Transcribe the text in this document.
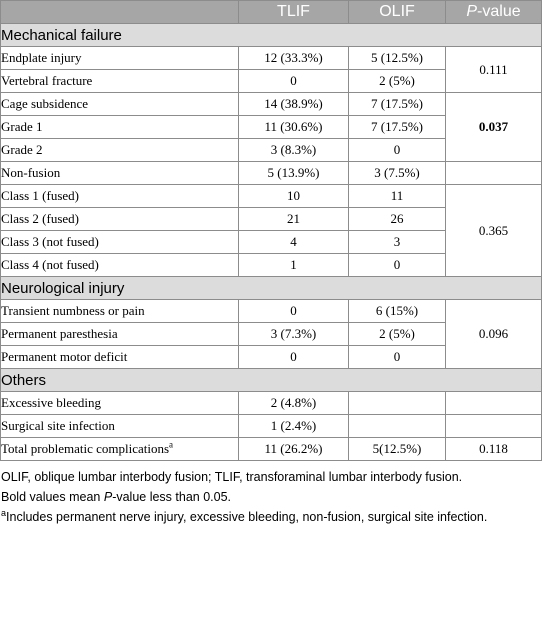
	TLIF	OLIF	P-value
Mechanical failure			
Endplate injury	12 (33.3%)	5 (12.5%)	0.111
Vertebral fracture	0	2 (5%)	
Cage subsidence	14 (38.9%)	7 (17.5%)	0.037
Grade 1	11 (30.6%)	7 (17.5%)	
Grade 2	3 (8.3%)	0	
Non-fusion	5 (13.9%)	3 (7.5%)	
Class 1 (fused)	10	11	0.365
Class 2 (fused)	21	26	
Class 3 (not fused)	4	3	
Class 4 (not fused)	1	0	
Neurological injury			
Transient numbness or pain	0	6 (15%)	0.096
Permanent paresthesia	3 (7.3%)	2 (5%)	
Permanent motor deficit	0	0	
Others			
Excessive bleeding	2 (4.8%)		
Surgical site infection	1 (2.4%)		
Total problematic complications$^a$	11 (26.2%)	5(12.5%)	0.118

OLIF, oblique lumbar interbody fusion; TLIF, transforaminal lumbar interbody fusion.

Bold values mean P-value less than 0.05.

$^a$Includes permanent nerve injury, excessive bleeding, non-fusion, surgical site infection.
